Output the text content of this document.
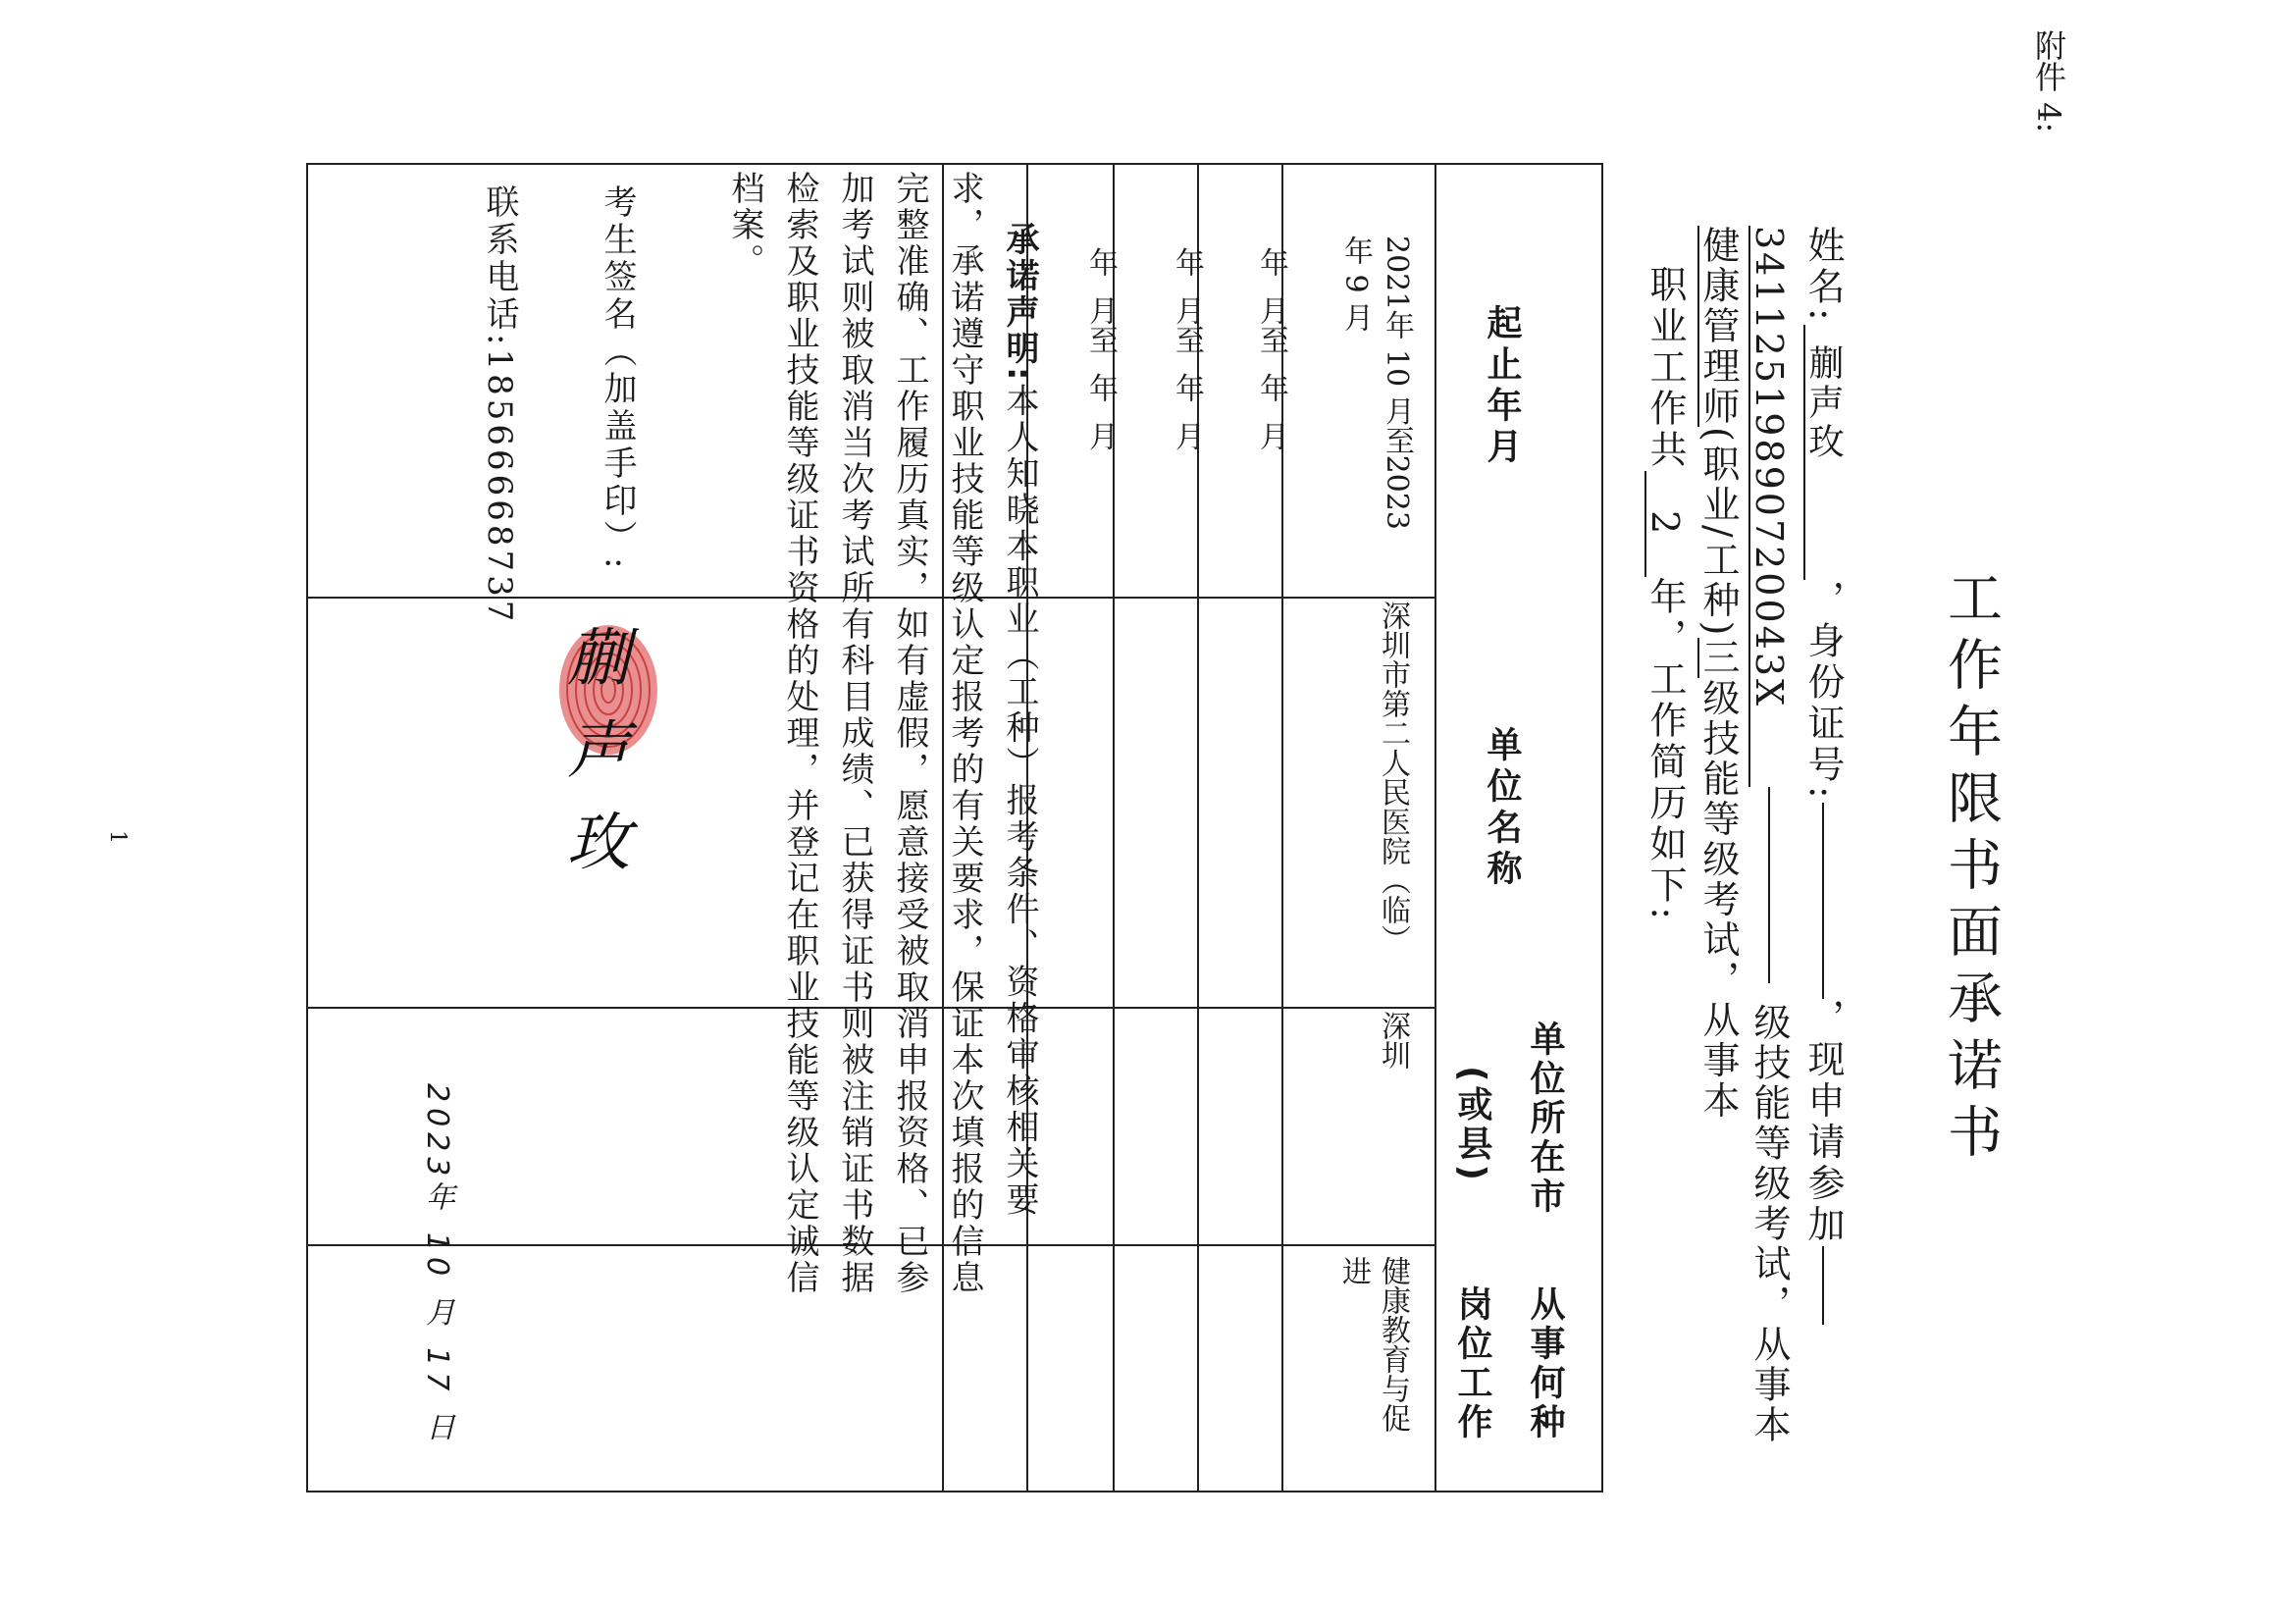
附件 4:
工作年限书面承诺书
姓名:蒯声玫，身份证号:，现申请参加
34112519890720043X级技能等级考试，从事本
健康管理师(职业/工种)三级技能等级考试，从事本
职业工作共2年，工作简历如下:
起止年月
单位名称
单位所在市
(或县)
从事何种
岗位工作
2021年 10 月至2023
年 9 月
深圳市第二人民医院（临）
深圳
健康教育与促
进
年  月至  年  月
年  月至  年  月
年  月至  年  月
承诺声明:本人知晓本职业（工种）报考条件、资格审核相关要
求，承诺遵守职业技能等级认定报考的有关要求，保证本次填报的信息
完整准确、工作履历真实，如有虚假，愿意接受被取消申报资格、已参
加考试则被取消当次考试所有科目成绩、已获得证书则被注销证书数据
检索及职业技能等级证书资格的处理，并登记在职业技能等级认定诚信
档案。
考生签名（加盖手印）:
蒯声玫
联系电话:18566668737
2023年 10 月 17 日
1
